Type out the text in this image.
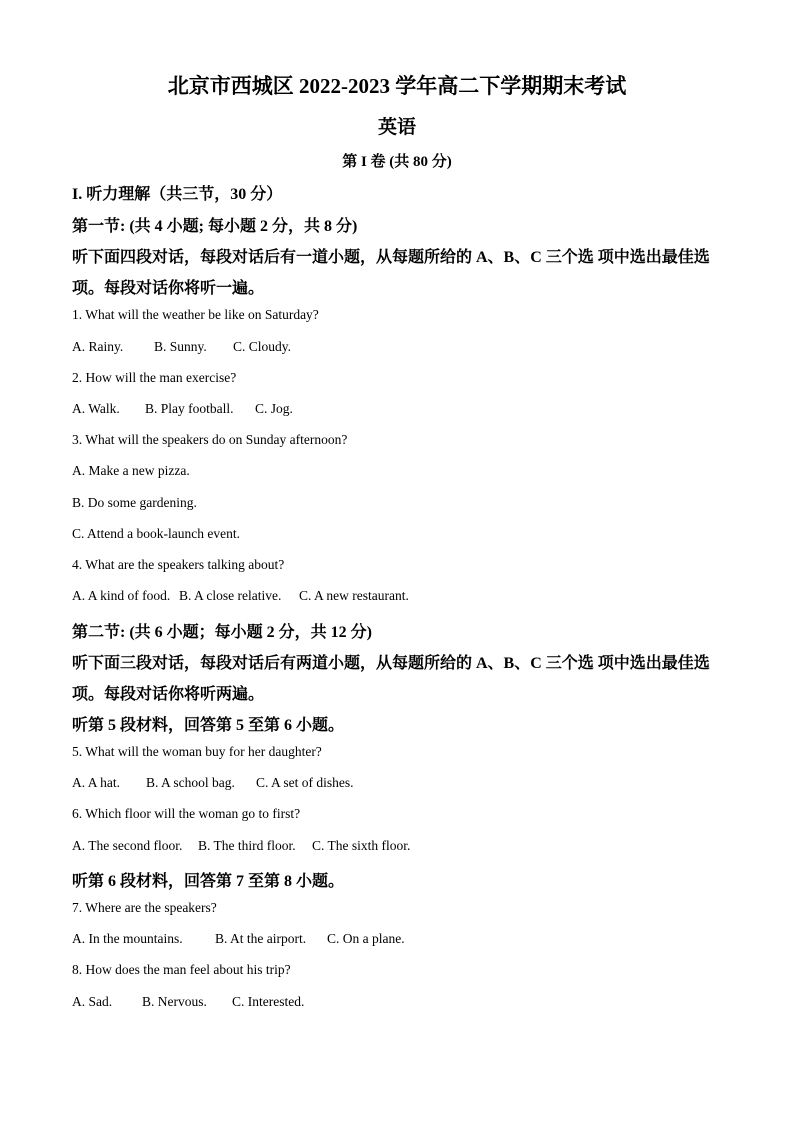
北京市西城区 2022-2023 学年高二下学期期末考试
英语
第 I 卷 (共 80 分)
I. 听力理解（共三节，30 分）
第一节: (共 4 小题; 每小题 2 分，共 8 分)
听下面四段对话，每段对话后有一道小题，从每题所给的 A、B、C 三个选 项中选出最佳选
项。每段对话你将听一遍。
1. What will the weather be like on Saturday?
A. Rainy. B. Sunny. C. Cloudy.
2. How will the man exercise?
A. Walk. B. Play football. C. Jog.
3. What will the speakers do on Sunday afternoon?
A. Make a new pizza.
B. Do some gardening.
C. Attend a book-launch event.
4. What are the speakers talking about?
A. A kind of food. B. A close relative. C. A new restaurant.
第二节: (共 6 小题；每小题 2 分，共 12 分)
听下面三段对话，每段对话后有两道小题，从每题所给的 A、B、C 三个选 项中选出最佳选
项。每段对话你将听两遍。
听第 5 段材料，回答第 5 至第 6 小题。
5. What will the woman buy for her daughter?
A. A hat. B. A school bag. C. A set of dishes.
6. Which floor will the woman go to first?
A. The second floor. B. The third floor. C. The sixth floor.
听第 6 段材料，回答第 7 至第 8 小题。
7. Where are the speakers?
A. In the mountains. B. At the airport. C. On a plane.
8. How does the man feel about his trip?
A. Sad. B. Nervous. C. Interested.
